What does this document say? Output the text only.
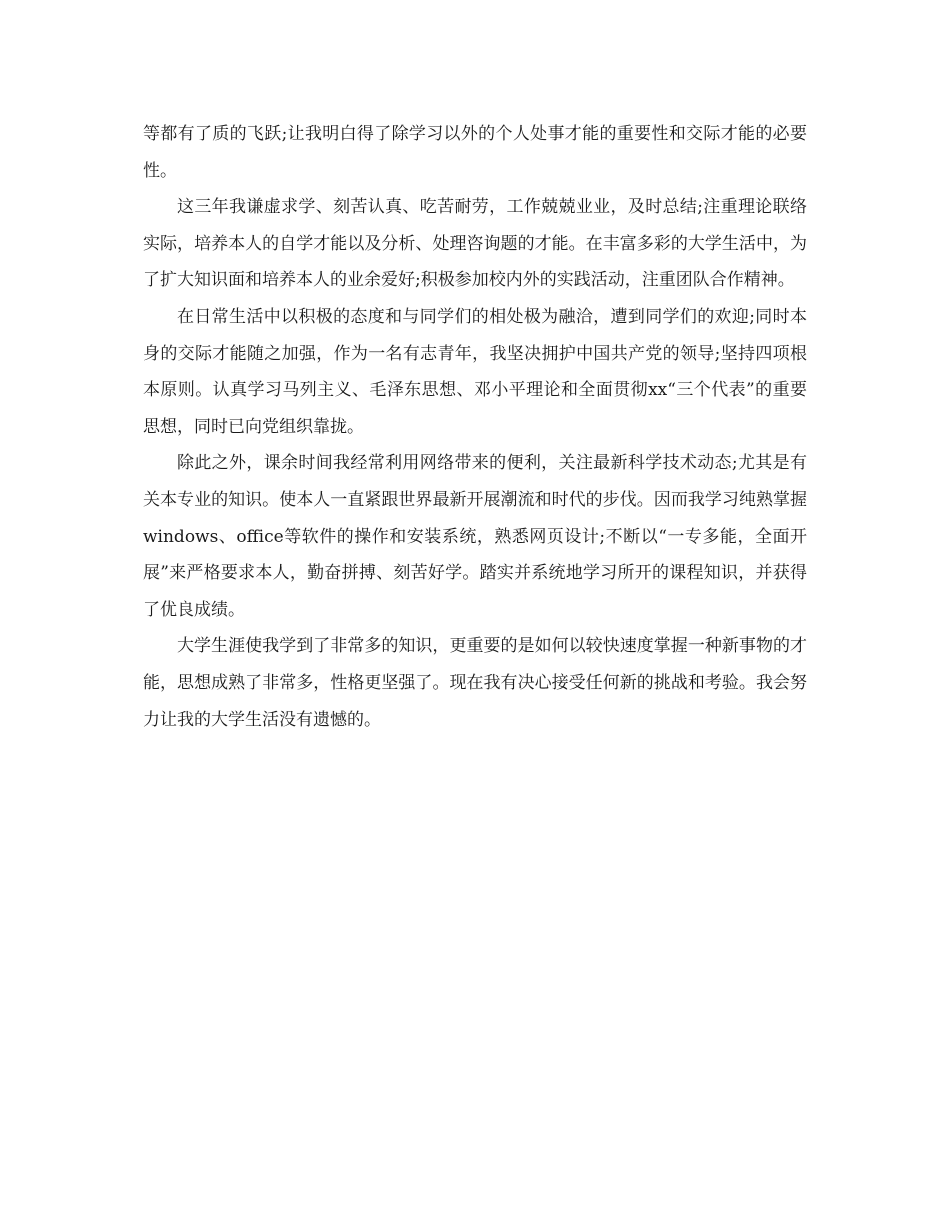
等都有了质的飞跃;让我明白得了除学习以外的个人处事才能的重要性和交际才能的必要性。

这三年我谦虚求学、刻苦认真、吃苦耐劳，工作兢兢业业，及时总结;注重理论联络实际，培养本人的自学才能以及分析、处理咨询题的才能。在丰富多彩的大学生活中，为了扩大知识面和培养本人的业余爱好;积极参加校内外的实践活动，注重团队合作精神。

在日常生活中以积极的态度和与同学们的相处极为融洽，遭到同学们的欢迎;同时本身的交际才能随之加强，作为一名有志青年，我坚决拥护中国共产党的领导;坚持四项根本原则。认真学习马列主义、毛泽东思想、邓小平理论和全面贯彻xx“三个代表”的重要思想，同时已向党组织靠拢。

除此之外，课余时间我经常利用网络带来的便利，关注最新科学技术动态;尤其是有关本专业的知识。使本人一直紧跟世界最新开展潮流和时代的步伐。因而我学习纯熟掌握windows、office等软件的操作和安装系统，熟悉网页设计;不断以“一专多能，全面开展”来严格要求本人，勤奋拼搏、刻苦好学。踏实并系统地学习所开的课程知识，并获得了优良成绩。

大学生涯使我学到了非常多的知识，更重要的是如何以较快速度掌握一种新事物的才能，思想成熟了非常多，性格更坚强了。现在我有决心接受任何新的挑战和考验。我会努力让我的大学生活没有遗憾的。
